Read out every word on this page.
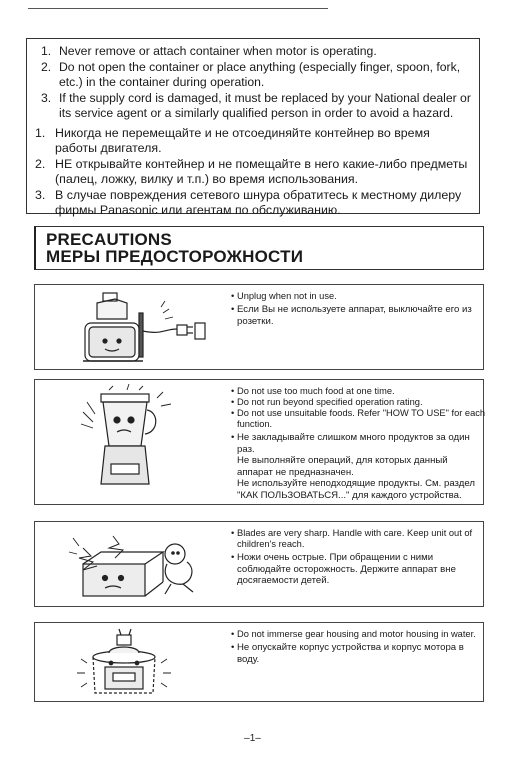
1. Never remove or attach container when motor is operating.
2. Do not open the container or place anything (especially finger, spoon, fork, etc.) in the container during operation.
3. If the supply cord is damaged, it must be replaced by your National dealer or its service agent or a similarly qualified person in order to avoid a hazard.
1. Никогда не перемещайте и не отсоединяйте контейнер во время работы двигателя.
2. НЕ открывайте контейнер и не помещайте в него какие-либо предметы (палец, ложку, вилку и т.п.) во время использования.
3. В случае повреждения сетевого шнура обратитесь к местному дилеру фирмы Panasonic или агентам по обслуживанию.
PRECAUTIONS
МЕРЫ ПРЕДОСТОРОЖНОСТИ
• Unplug when not in use.
• Если Вы не используете аппарат, выключайте его из розетки.
• Do not use too much food at one time.
• Do not run beyond specified operation rating.
• Do not use unsuitable foods. Refer "HOW TO USE" for each function.
• Не закладывайте слишком много продуктов за один раз.
Не выполняйте операций, для которых данный аппарат не предназначен.
Не используйте неподходящие продукты. См. раздел "КАК ПОЛЬЗОВАТЬСЯ..." для каждого устройства.
• Blades are very sharp. Handle with care. Keep unit out of children's reach.
• Ножи очень острые. При обращении с ними соблюдайте осторожность. Держите аппарат вне досягаемости детей.
• Do not immerse gear housing and motor housing in water.
• Не опускайте корпус устройства и корпус мотора в воду.
–1–
